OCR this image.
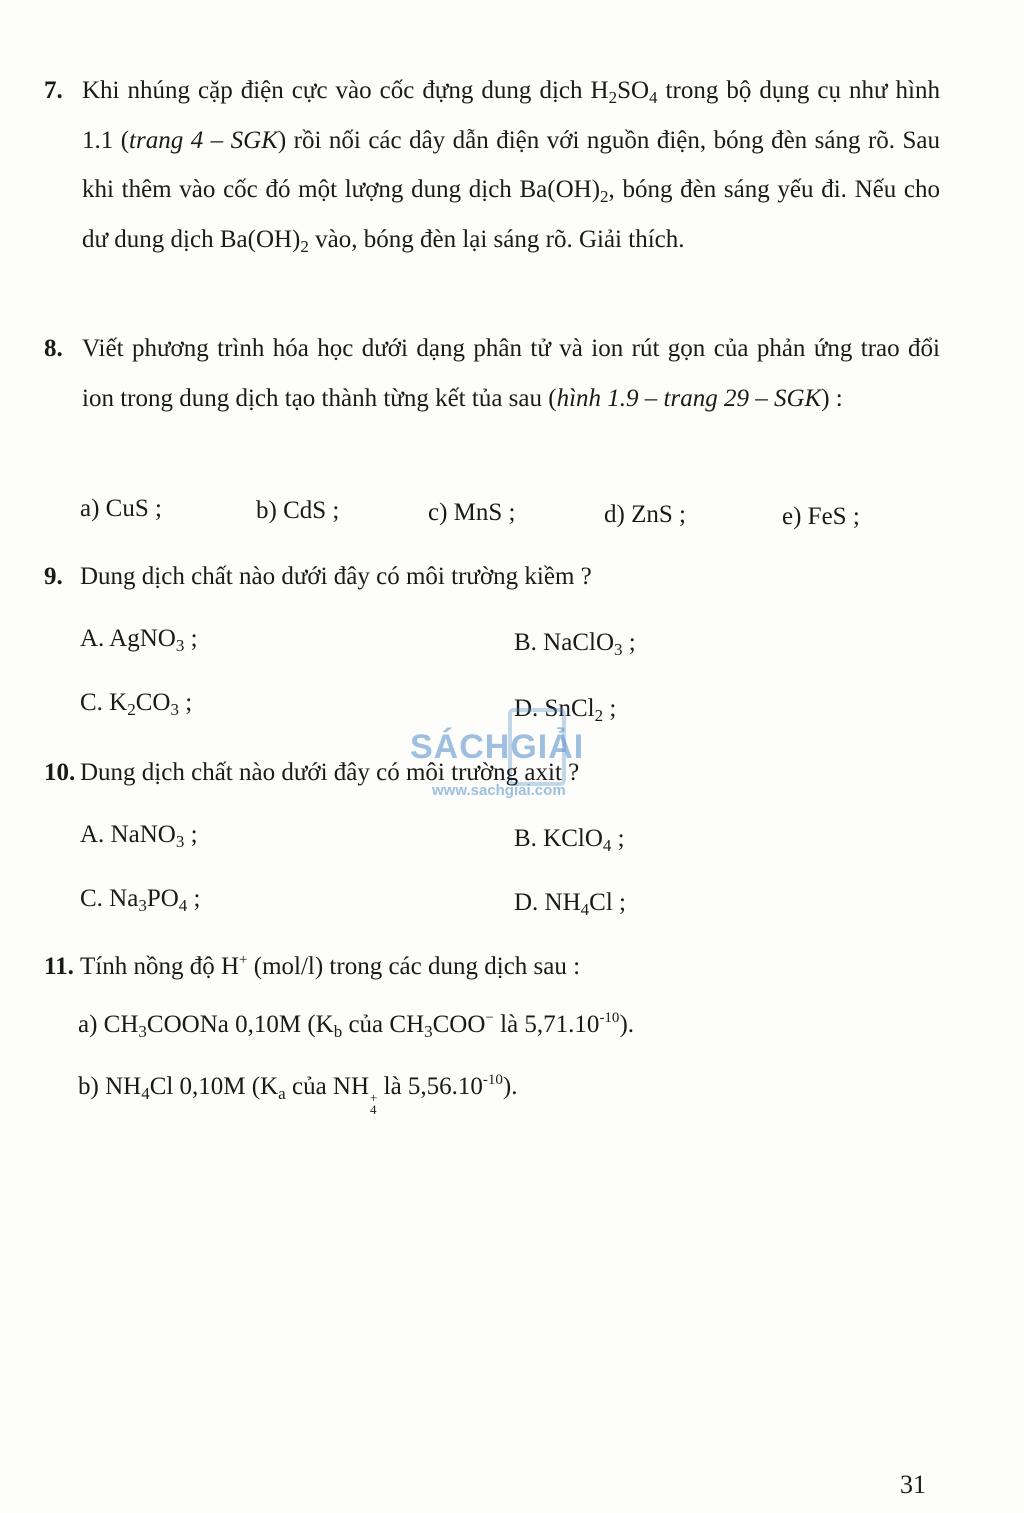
7. Khi nhúng cặp điện cực vào cốc đựng dung dịch $H_2SO_4$ trong bộ dụng cụ như hình 1.1 (trang 4 – SGK) rồi nối các dây dẫn điện với nguồn điện, bóng đèn sáng rõ. Sau khi thêm vào cốc đó một lượng dung dịch $Ba(OH)_2$, bóng đèn sáng yếu đi. Nếu cho dư dung dịch $Ba(OH)_2$ vào, bóng đèn lại sáng rõ. Giải thích.
8. Viết phương trình hóa học dưới dạng phân tử và ion rút gọn của phản ứng trao đổi ion trong dung dịch tạo thành từng kết tủa sau (hình 1.9 – trang 29 – SGK) :
a) CuS ;	b) CdS ;	c) MnS ;	d) ZnS ;	e) FeS ;
9. Dung dịch chất nào dưới đây có môi trường kiềm ?
A. AgNO$_3$ ;	B. NaClO$_3$ ;
C. $K_2CO_3$ ;	D. SnCl$_2$ ;
SÁCHGIẢI
www.sachgiai.com
10. Dung dịch chất nào dưới đây có môi trường axit ?
A. NaNO$_3$ ;	B. KClO$_4$ ;
C. $Na_3PO_4$ ;	D. $NH_4Cl$ ;
11. Tính nồng độ H+ (mol/l) trong các dung dịch sau :
a) $CH_3COONa$ 0,10M ($K_b$ của $CH_3COO^-$ là $5,71.10^{-10}$).
b) $NH_4Cl$ 0,10M ($K_a$ của NH +
4
là $5,56.10^{-10}$).
31
